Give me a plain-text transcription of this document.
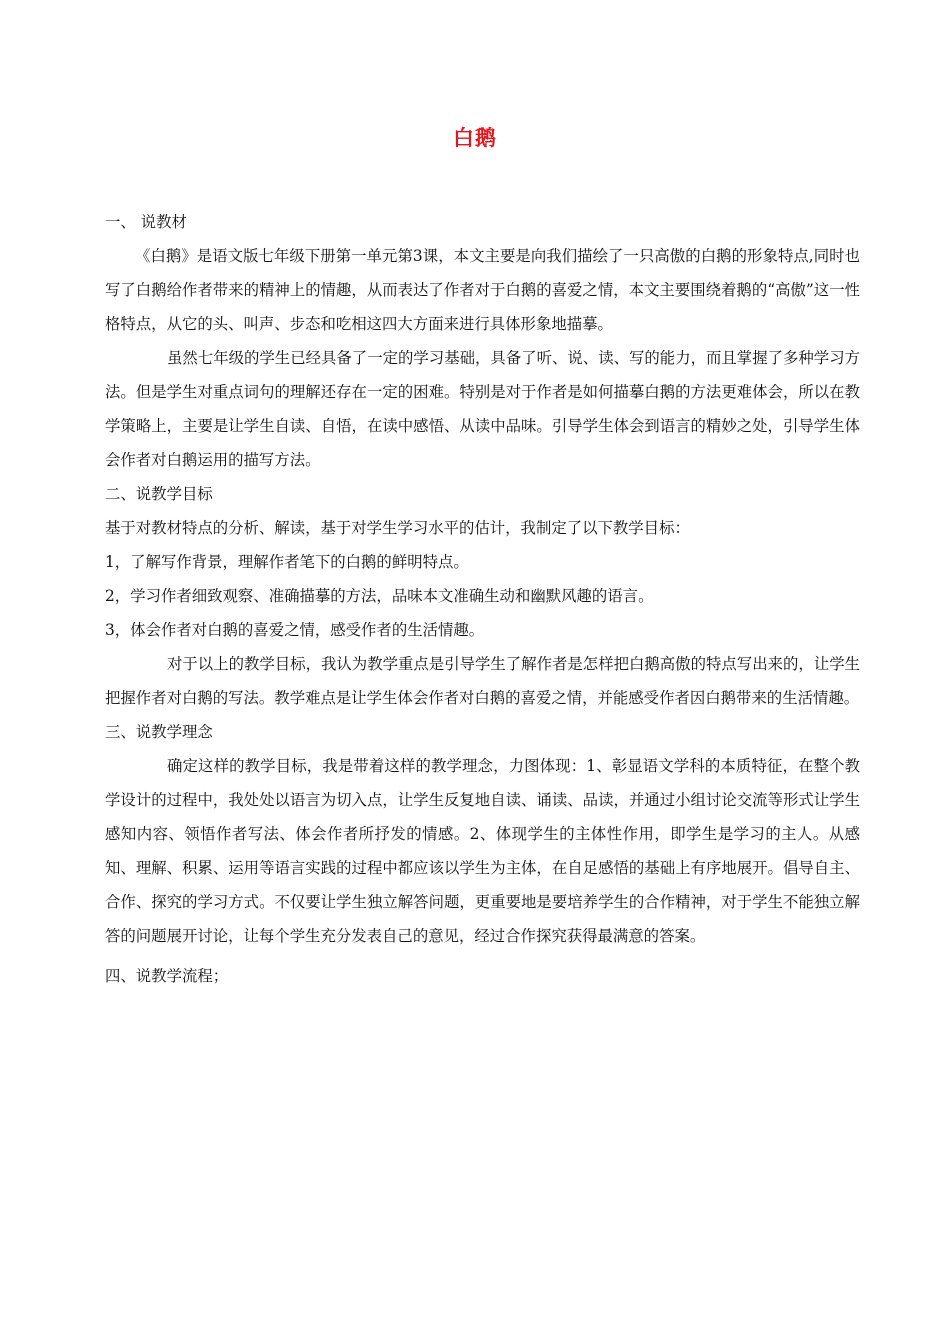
白鹅

一、 说教材

《白鹅》是语文版七年级下册第一单元第3课，本文主要是向我们描绘了一只高傲的白鹅的形象特点,同时也写了白鹅给作者带来的精神上的情趣，从而表达了作者对于白鹅的喜爱之情，本文主要围绕着鹅的“高傲”这一性格特点，从它的头、叫声、步态和吃相这四大方面来进行具体形象地描摹。

虽然七年级的学生已经具备了一定的学习基础，具备了听、说、读、写的能力，而且掌握了多种学习方法。但是学生对重点词句的理解还存在一定的困难。特别是对于作者是如何描摹白鹅的方法更难体会，所以在教学策略上，主要是让学生自读、自悟，在读中感悟、从读中品味。引导学生体会到语言的精妙之处，引导学生体会作者对白鹅运用的描写方法。

二、说教学目标

基于对教材特点的分析、解读，基于对学生学习水平的估计，我制定了以下教学目标：

1，了解写作背景，理解作者笔下的白鹅的鲜明特点。

2，学习作者细致观察、准确描摹的方法，品味本文准确生动和幽默风趣的语言。

3，体会作者对白鹅的喜爱之情，感受作者的生活情趣。

对于以上的教学目标，我认为教学重点是引导学生了解作者是怎样把白鹅高傲的特点写出来的，让学生把握作者对白鹅的写法。教学难点是让学生体会作者对白鹅的喜爱之情，并能感受作者因白鹅带来的生活情趣。

三、说教学理念

确定这样的教学目标，我是带着这样的教学理念，力图体现：1、彰显语文学科的本质特征，在整个教学设计的过程中，我处处以语言为切入点，让学生反复地自读、诵读、品读，并通过小组讨论交流等形式让学生感知内容、领悟作者写法、体会作者所抒发的情感。2、体现学生的主体性作用，即学生是学习的主人。从感知、理解、积累、运用等语言实践的过程中都应该以学生为主体，在自足感悟的基础上有序地展开。倡导自主、合作、探究的学习方式。不仅要让学生独立解答问题，更重要地是要培养学生的合作精神，对于学生不能独立解答的问题展开讨论，让每个学生充分发表自己的意见，经过合作探究获得最满意的答案。

四、说教学流程；
